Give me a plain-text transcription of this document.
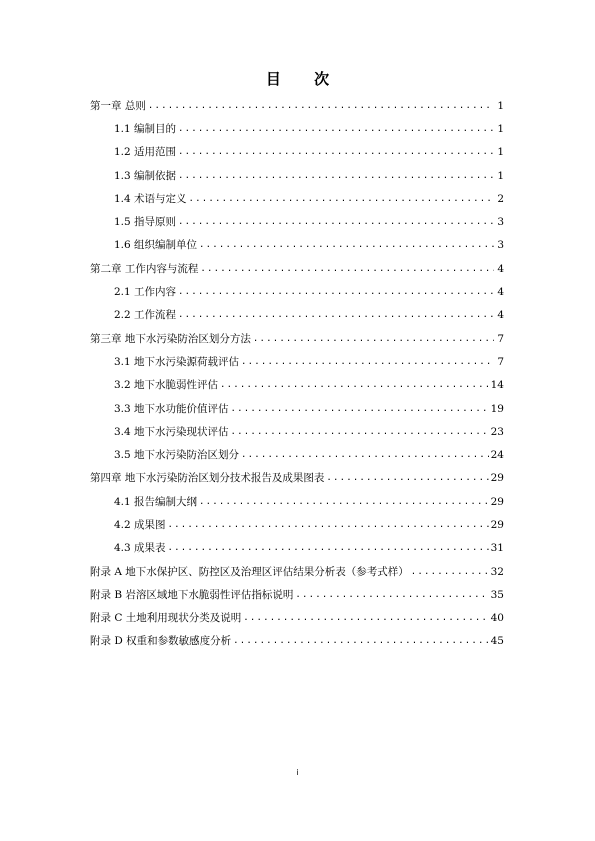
目 次
第一章 总则 .....	1
1.1 编制目的 .....	1
1.2 适用范围 .....	1
1.3 编制依据 .....	1
1.4 术语与定义 .....	2
1.5 指导原则 .....	3
1.6 组织编制单位 .....	3
第二章 工作内容与流程 .....	4
2.1 工作内容 .....	4
2.2 工作流程 .....	4
第三章 地下水污染防治区划分方法 .....	7
3.1 地下水污染源荷载评估 .....	7
3.2 地下水脆弱性评估 .....	14
3.3 地下水功能价值评估 .....	19
3.4 地下水污染现状评估 .....	23
3.5 地下水污染防治区划分 .....	24
第四章 地下水污染防治区划分技术报告及成果图表 .....	29
4.1 报告编制大纲 .....	29
4.2 成果图 .....	29
4.3 成果表 .....	31
附录 A 地下水保护区、防控区及治理区评估结果分析表（参考式样） .....	32
附录 B 岩溶区域地下水脆弱性评估指标说明 .....	35
附录 C 土地利用现状分类及说明 .....	40
附录 D 权重和参数敏感度分析 .....	45
i
